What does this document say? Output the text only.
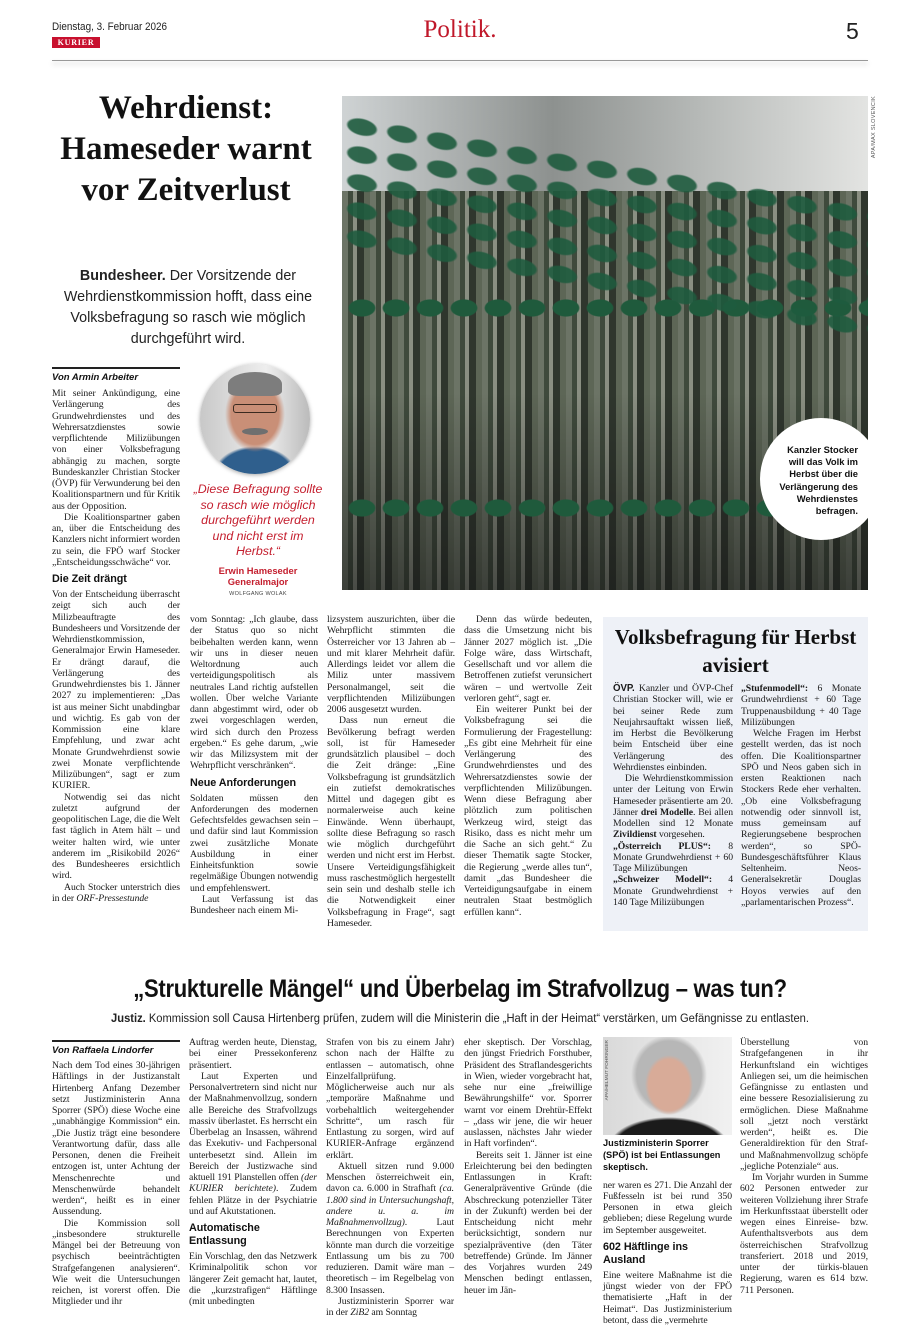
Dienstag, 3. Februar 2026
KURIER	Politik.	5
Wehrdienst: Hameseder warnt vor Zeitverlust
Bundesheer. Der Vorsitzende der Wehrdienstkommission hofft, dass eine Volksbefragung so rasch wie möglich durchgeführt wird.
APA/MAX SLOVENCIK
Kanzler Stocker will das Volk im Herbst über die Verlängerung des Wehrdienstes befragen.
Von Armin Arbeiter

Mit seiner Ankündigung, eine Verlängerung des Grundwehrdienstes und des Wehrersatzdienstes sowie verpflichtende Milizübungen von einer Volksbefragung abhängig zu machen, sorgte Bundeskanzler Christian Stocker (ÖVP) für Verwunderung bei den Koalitionspartnern und für Kritik aus der Opposition.

Die Koalitionspartner gaben an, über die Entscheidung des Kanzlers nicht informiert worden zu sein, die FPÖ warf Stocker „Entscheidungsschwäche“ vor.

Die Zeit drängt

Von der Entscheidung überrascht zeigt sich auch der Milizbeauftragte des Bundesheers und Vorsitzende der Wehrdienstkommission, Generalmajor Erwin Hameseder. Er drängt darauf, die Verlängerung des Grundwehrdienstes bis 1. Jänner 2027 zu implementieren: „Das ist aus meiner Sicht unabdingbar und wichtig. Es gab von der Kommission eine klare Empfehlung, und zwar acht Monate Grundwehrdienst sowie zwei Monate verpflichtende Milizübungen“, sagt er zum KURIER.

Notwendig sei das nicht zuletzt aufgrund der geopolitischen Lage, die die Welt fast täglich in Atem hält – und weiter halten wird, wie unter anderem im „Risikobild 2026“ des Bundesheeres ersichtlich wird.

Auch Stocker unterstrich dies in der ORF-Pressestunde

vom Sonntag: „Ich glaube, dass der Status quo so nicht beibehalten werden kann, wenn wir uns in dieser neuen Weltordnung auch verteidigungspolitisch als neutrales Land richtig aufstellen wollen. Über welche Variante dann abgestimmt wird, oder ob zwei vorgeschlagen werden, wird sich durch den Prozess ergeben.“ Es gehe darum, „wie wir das Milizsystem mit der Wehrpflicht verschränken“.

Neue Anforderungen

Soldaten müssen den Anforderungen des modernen Gefechtsfeldes gewachsen sein – und dafür sind laut Kommission zwei zusätzliche Monate Ausbildung in einer Einheitsfunktion sowie regelmäßige Übungen notwendig und empfehlenswert.

Laut Verfassung ist das Bundesheer nach einem Mi-

lizsystem auszurichten, über die Wehrpflicht stimmten die Österreicher vor 13 Jahren ab – und mit klarer Mehrheit dafür. Allerdings leidet vor allem die Miliz unter massivem Personalmangel, seit die verpflichtenden Milizübungen 2006 ausgesetzt wurden.

Dass nun erneut die Bevölkerung befragt werden soll, ist für Hameseder grundsätzlich plausibel – doch die Zeit dränge: „Eine Volksbefragung ist grundsätzlich ein zutiefst demokratisches Mittel und dagegen gibt es normalerweise auch keine Einwände. Wenn überhaupt, sollte diese Befragung so rasch wie möglich durchgeführt werden und nicht erst im Herbst. Unsere Verteidigungsfähigkeit muss raschestmöglich hergestellt sein sein und deshalb stelle ich die Notwendigkeit einer Volksbefragung in Frage“, sagt Hameseder.

Denn das würde bedeuten, dass die Umsetzung nicht bis Jänner 2027 möglich ist. „Die Folge wäre, dass Wirtschaft, Gesellschaft und vor allem die Betroffenen zutiefst verunsichert wären – und wertvolle Zeit verloren geht“, sagt er.

Ein weiterer Punkt bei der Volksbefragung sei die Formulierung der Fragestellung: „Es gibt eine Mehrheit für eine Verlängerung des Grundwehrdienstes und des Wehrersatzdienstes sowie der verpflichtenden Milizübungen. Wenn diese Befragung aber plötzlich zum politischen Werkzeug wird, steigt das Risiko, dass es nicht mehr um die Sache an sich geht.“ Zu dieser Thematik sagte Stocker, die Regierung „werde alles tun“, damit „das Bundesheer die Verteidigungsaufgabe in einem neutralen Staat bestmöglich erfüllen kann“.

„Diese Befragung sollte so rasch wie möglich durchgeführt werden und nicht erst im Herbst.“
Erwin Hameseder
Generalmajor
WOLFGANG WOLAK
Volksbefragung für Herbst avisiert

ÖVP. Kanzler und ÖVP-Chef Christian Stocker will, wie er bei seiner Rede zum Neujahrsauftakt wissen ließ, im Herbst die Bevölkerung beim Entscheid über eine Verlängerung des Wehrdienstes einbinden.

Die Wehrdienstkommission unter der Leitung von Erwin Hameseder präsentierte am 20. Jänner drei Modelle. Bei allen Modellen sind 12 Monate Zivildienst vorgesehen.

„Österreich PLUS“: 8 Monate Grundwehrdienst + 60 Tage Milizübungen

„Schweizer Modell“: 4 Monate Grundwehrdienst + 140 Tage Milizübungen

„Stufenmodell“: 6 Monate Grundwehrdienst + 60 Tage Truppenausbildung + 40 Tage Milizübungen

Welche Fragen im Herbst gestellt werden, das ist noch offen. Die Koalitionspartner SPÖ und Neos gaben sich in ersten Reaktionen nach Stockers Rede eher verhalten. „Ob eine Volksbefragung notwendig oder sinnvoll ist, muss gemeinsam auf Regierungsebene besprochen werden“, so SPÖ-Bundesgeschäftsführer Klaus Seltenheim. Neos-Generalsekretär Douglas Hoyos verwies auf den „parlamentarischen Prozess“.

„Strukturelle Mängel“ und Überbelag im Strafvollzug – was tun?
Justiz. Kommission soll Causa Hirtenberg prüfen, zudem will die Ministerin die „Haft in der Heimat“ verstärken, um Gefängnisse zu entlasten.
Von Raffaela Lindorfer

Nach dem Tod eines 30-jährigen Häftlings in der Justizanstalt Hirtenberg Anfang Dezember setzt Justizministerin Anna Sporrer (SPÖ) diese Woche eine „unabhängige Kommission“ ein. „Die Justiz trägt eine besondere Verantwortung dafür, dass alle Personen, denen die Freiheit entzogen ist, unter Achtung der Menschenrechte und Menschenwürde behandelt werden“, heißt es in einer Aussendung.

Die Kommission soll „insbesondere strukturelle Mängel bei der Betreuung von psychisch beeinträchtigten Strafgefangenen analysieren“. Wie weit die Untersuchungen reichen, ist vorerst offen. Die Mitglieder und ihr

Auftrag werden heute, Dienstag, bei einer Pressekonferenz präsentiert.

Laut Experten und Personalvertretern sind nicht nur der Maßnahmenvollzug, sondern alle Bereiche des Strafvollzugs massiv überlastet. Es herrscht ein Überbelag an Insassen, während das Exekutiv- und Fachpersonal unterbesetzt sind. Allein im Bereich der Justizwache sind aktuell 191 Planstellen offen (der KURIER berichtete). Zudem fehlen Plätze in der Psychiatrie und auf Akutstationen.

Automatische Entlassung

Ein Vorschlag, den das Netzwerk Kriminalpolitik schon vor längerer Zeit gemacht hat, lautet, die „kurzstrafigen“ Häftlinge (mit unbedingten

Strafen von bis zu einem Jahr) schon nach der Hälfte zu entlassen – automatisch, ohne Einzelfallprüfung. Möglicherweise auch nur als „temporäre Maßnahme und vorbehaltlich weitergehender Schritte“, um rasch für Entlastung zu sorgen, wird auf KURIER-Anfrage ergänzend erklärt.

Aktuell sitzen rund 9.000 Menschen österreichweit ein, davon ca. 6.000 in Strafhaft (ca. 1.800 sind in Untersuchungshaft, andere u. a. im Maßnahmenvollzug). Laut Berechnungen von Experten könnte man durch die vorzeitige Entlassung um bis zu 700 reduzieren. Damit wäre man – theoretisch – im Regelbelag von 8.300 Insassen.

Justizministerin Sporrer war in der ZiB2 am Sonntag

eher skeptisch. Der Vorschlag, den jüngst Friedrich Forsthuber, Präsident des Straflandesgerichts in Wien, wieder vorgebracht hat, sehe nur eine „freiwillige Bewährungshilfe“ vor. Sporrer warnt vor einem Drehtür-Effekt – „dass wir jene, die wir heuer auslassen, nächstes Jahr wieder in Haft vorfinden“.

Bereits seit 1. Jänner ist eine Erleichterung bei den bedingten Entlassungen in Kraft: Generalpräventive Gründe (die Abschreckung potenzieller Täter in der Zukunft) werden bei der Entscheidung nicht mehr berücksichtigt, sondern nur spezialpräventive (den Täter betreffende) Gründe. Im Jänner des Vorjahres wurden 249 Menschen bedingt entlassen, heuer im Jän-

APA/HELMUT FOHRINGER
Justizministerin Sporrer (SPÖ) ist bei Entlassungen skeptisch.

ner waren es 271. Die Anzahl der Fußfesseln ist bei rund 350 Personen in etwa gleich geblieben; diese Regelung wurde im September ausgeweitet.

602 Häftlinge ins Ausland

Eine weitere Maßnahme ist die jüngst wieder von der FPÖ thematisierte „Haft in der Heimat“. Das Justizministerium betont, dass die „vermehrte

Überstellung von Strafgefangenen in ihr Herkunftsland ein wichtiges Anliegen sei, um die heimischen Gefängnisse zu entlasten und eine bessere Resozialisierung zu ermöglichen. Diese Maßnahme soll „jetzt noch verstärkt werden“, heißt es. Die Generaldirektion für den Straf- und Maßnahmenvollzug schöpfe „jegliche Potenziale“ aus.

Im Vorjahr wurden in Summe 602 Personen entweder zur weiteren Vollziehung ihrer Strafe im Herkunftsstaat überstellt oder wegen eines Einreise- bzw. Aufenthaltsverbots aus dem österreichischen Strafvollzug transferiert. 2018 und 2019, unter der türkis-blauen Regierung, waren es 614 bzw. 711 Personen.
